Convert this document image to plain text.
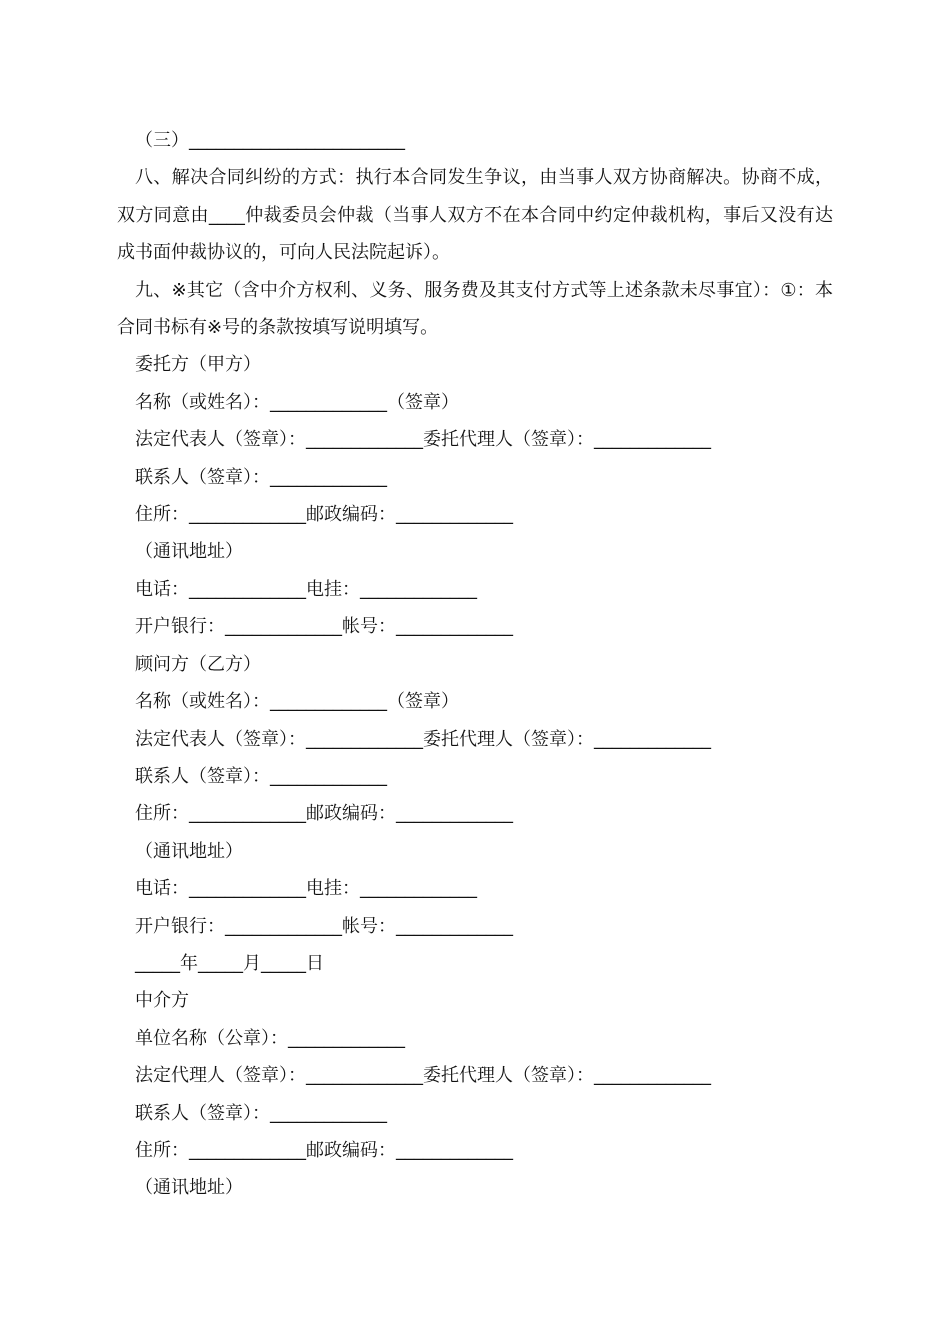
（三）________________________

八、解决合同纠纷的方式：执行本合同发生争议，由当事人双方协商解决。协商不成，双方同意由____仲裁委员会仲裁（当事人双方不在本合同中约定仲裁机构，事后又没有达成书面仲裁协议的，可向人民法院起诉）。

九、※其它（含中介方权利、义务、服务费及其支付方式等上述条款未尽事宜）：①：本合同书标有※号的条款按填写说明填写。

委托方（甲方）

名称（或姓名）：_____________（签章）

法定代表人（签章）：_____________委托代理人（签章）：_____________

联系人（签章）：_____________

住所：_____________邮政编码：_____________

（通讯地址）

电话：_____________电挂：_____________

开户银行：_____________帐号：_____________

顾问方（乙方）

名称（或姓名）：_____________（签章）

法定代表人（签章）：_____________委托代理人（签章）：_____________

联系人（签章）：_____________

住所：_____________邮政编码：_____________

（通讯地址）

电话：_____________电挂：_____________

开户银行：_____________帐号：_____________

_____年_____月_____日

中介方

单位名称（公章）：_____________

法定代理人（签章）：_____________委托代理人（签章）：_____________

联系人（签章）：_____________

住所：_____________邮政编码：_____________

（通讯地址）
